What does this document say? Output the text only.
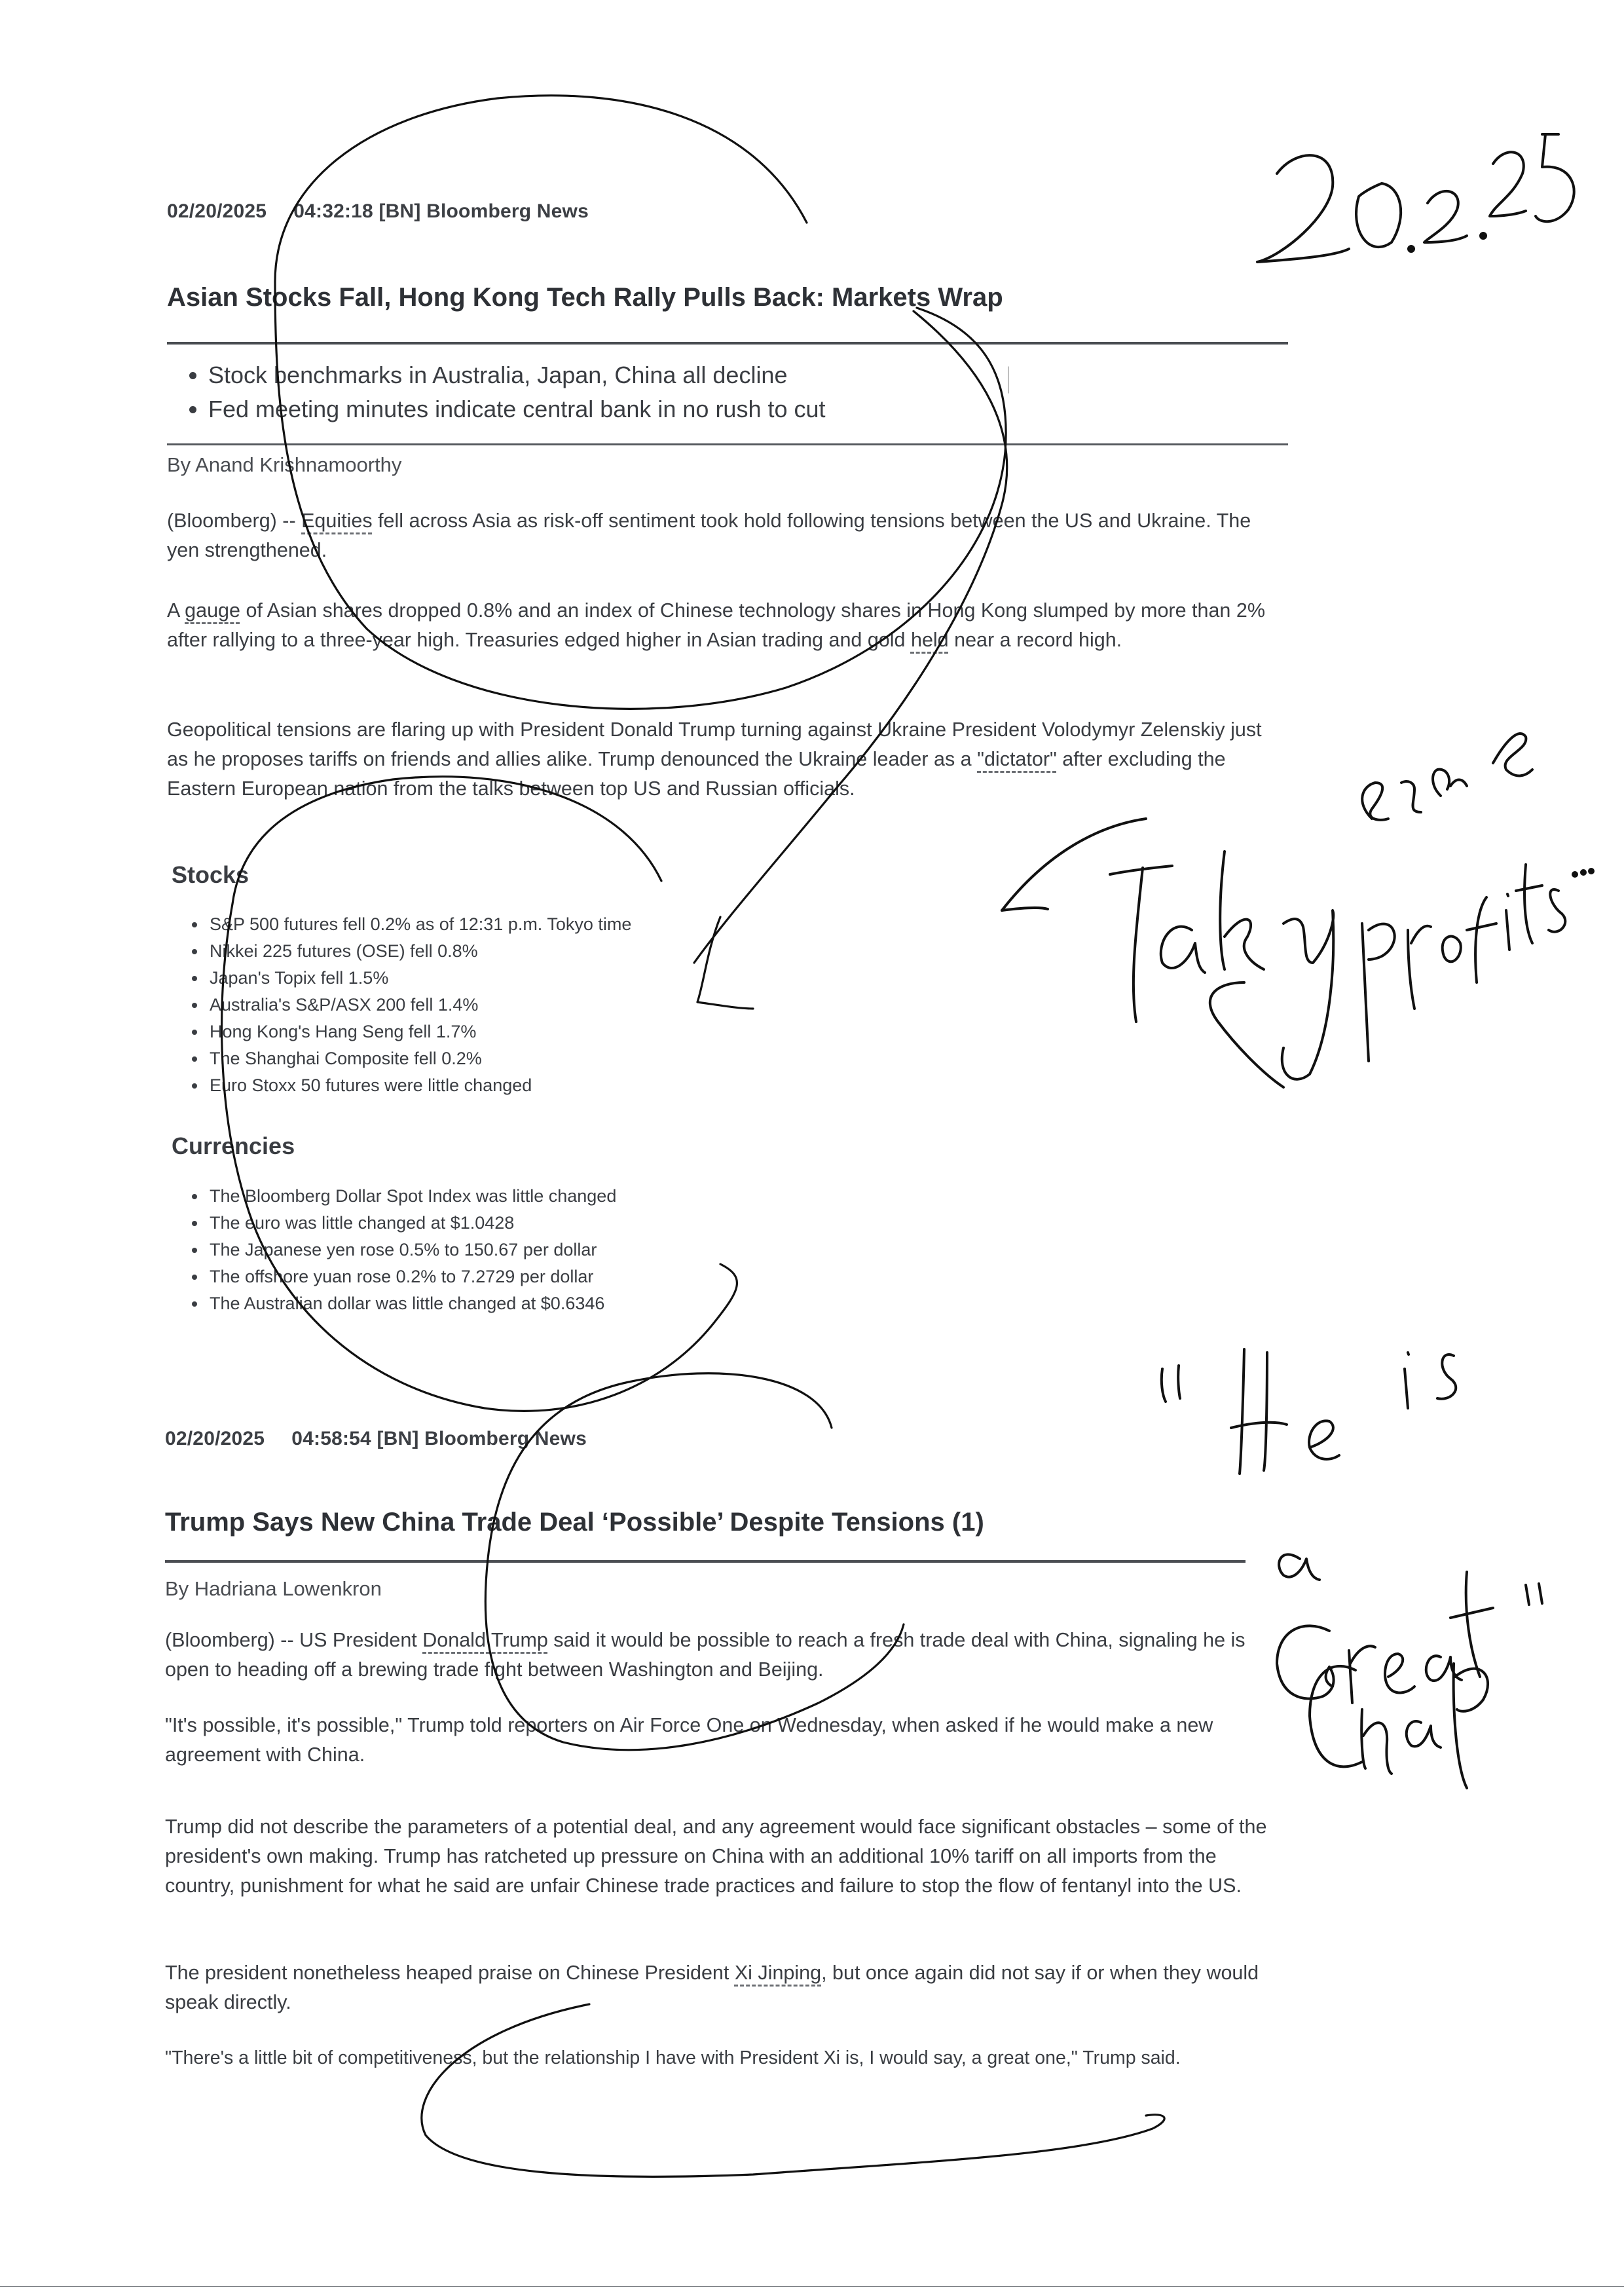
02/20/2025 04:32:18 [BN] Bloomberg News
Asian Stocks Fall, Hong Kong Tech Rally Pulls Back: Markets Wrap
• Stock benchmarks in Australia, Japan, China all decline
• Fed meeting minutes indicate central bank in no rush to cut
By Anand Krishnamoorthy
(Bloomberg) -- Equities fell across Asia as risk-off sentiment took hold following tensions between the US and Ukraine. The yen strengthened.
A gauge of Asian shares dropped 0.8% and an index of Chinese technology shares in Hong Kong slumped by more than 2% after rallying to a three-year high. Treasuries edged higher in Asian trading and gold held near a record high.
Geopolitical tensions are flaring up with President Donald Trump turning against Ukraine President Volodymyr Zelenskiy just as he proposes tariffs on friends and allies alike. Trump denounced the Ukraine leader as a "dictator" after excluding the Eastern European nation from the talks between top US and Russian officials.
Stocks
• S&P 500 futures fell 0.2% as of 12:31 p.m. Tokyo time
• Nikkei 225 futures (OSE) fell 0.8%
• Japan's Topix fell 1.5%
• Australia's S&P/ASX 200 fell 1.4%
• Hong Kong's Hang Seng fell 1.7%
• The Shanghai Composite fell 0.2%
• Euro Stoxx 50 futures were little changed
Currencies
• The Bloomberg Dollar Spot Index was little changed
• The euro was little changed at $1.0428
• The Japanese yen rose 0.5% to 150.67 per dollar
• The offshore yuan rose 0.2% to 7.2729 per dollar
• The Australian dollar was little changed at $0.6346
02/20/2025 04:58:54 [BN] Bloomberg News
Trump Says New China Trade Deal ‘Possible’ Despite Tensions (1)
By Hadriana Lowenkron
(Bloomberg) -- US President Donald Trump said it would be possible to reach a fresh trade deal with China, signaling he is open to heading off a brewing trade fight between Washington and Beijing.
"It's possible, it's possible," Trump told reporters on Air Force One on Wednesday, when asked if he would make a new agreement with China.
Trump did not describe the parameters of a potential deal, and any agreement would face significant obstacles – some of the president's own making. Trump has ratcheted up pressure on China with an additional 10% tariff on all imports from the country, punishment for what he said are unfair Chinese trade practices and failure to stop the flow of fentanyl into the US.
The president nonetheless heaped praise on Chinese President Xi Jinping, but once again did not say if or when they would speak directly.
"There's a little bit of competitiveness, but the relationship I have with President Xi is, I would say, a great one," Trump said.
